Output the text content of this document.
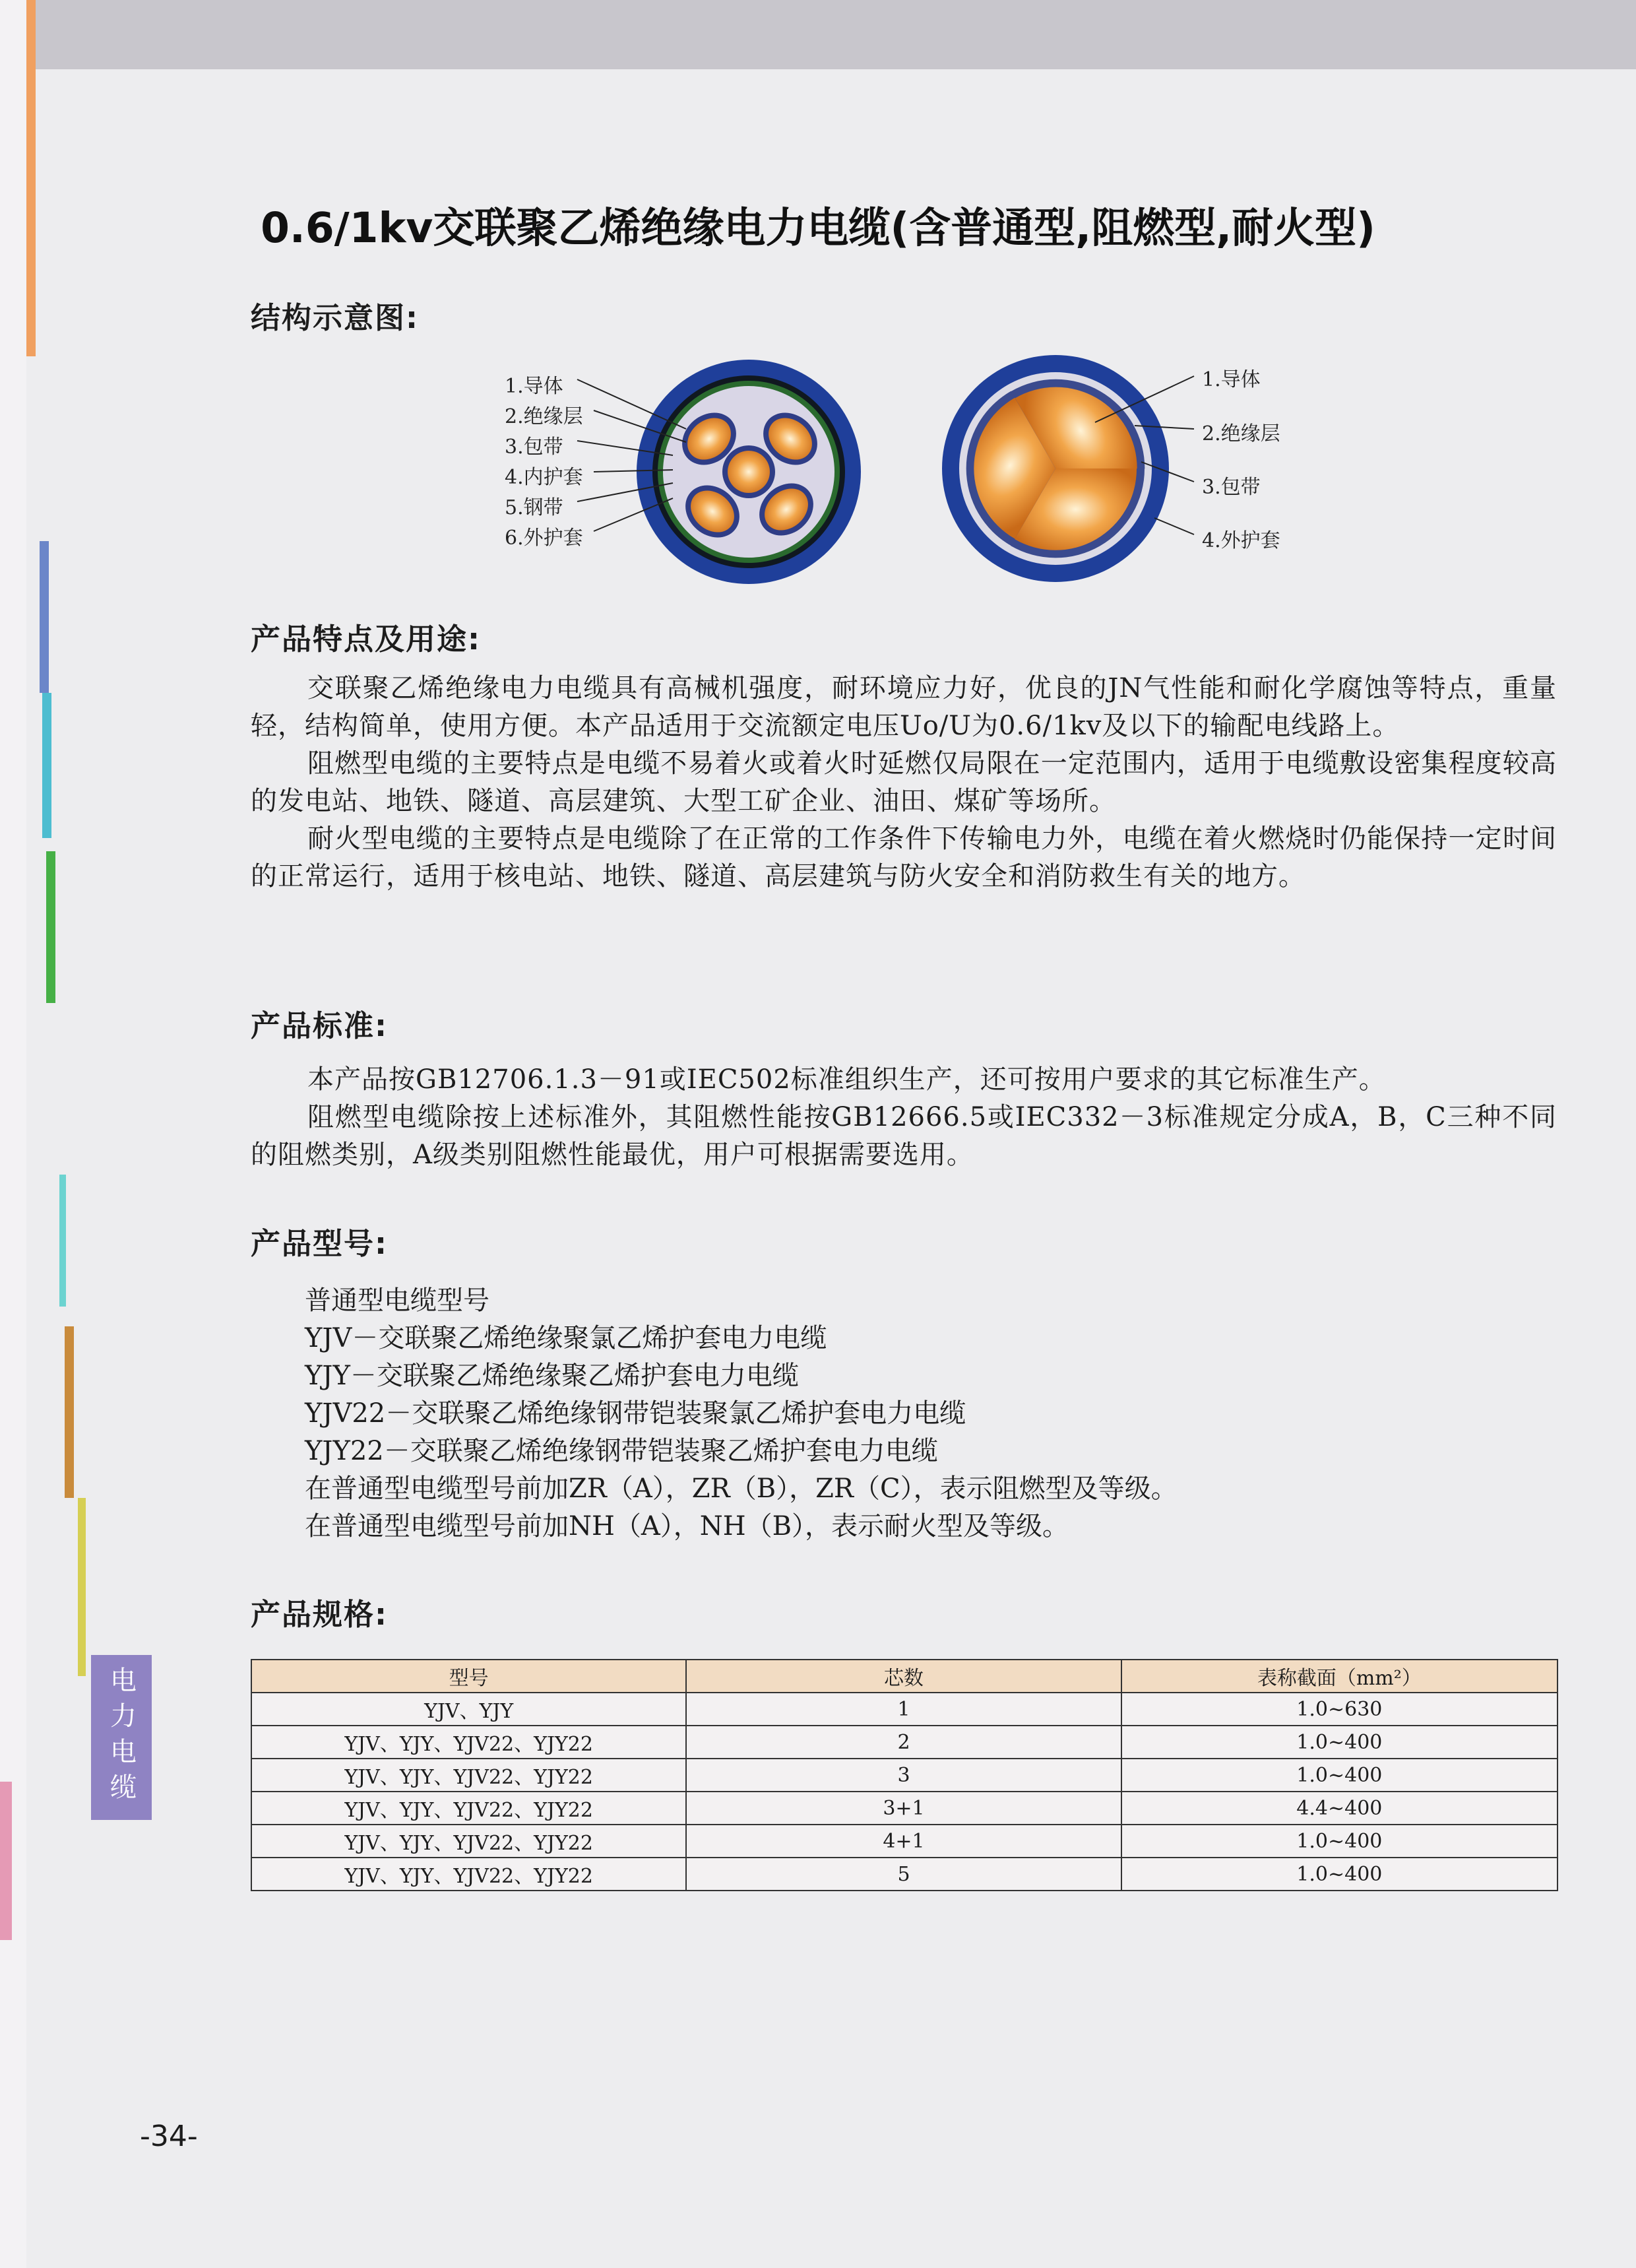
电力电缆
0.6/1kv交联聚乙烯绝缘电力电缆(含普通型,阻燃型,耐火型)
结构示意图:
1.导体
2.绝缘层
3.包带
4.内护套
5.钢带
6.外护套
1.导体
2.绝缘层
3.包带
4.外护套
产品特点及用途:

交联聚乙烯绝缘电力电缆具有高械机强度，耐环境应力好，优良的JN气性能和耐化学腐蚀等特点，重量轻，结构简单，使用方便。本产品适用于交流额定电压Uo/U为0.6/1kv及以下的输配电线路上。

阻燃型电缆的主要特点是电缆不易着火或着火时延燃仅局限在一定范围内，适用于电缆敷设密集程度较高的发电站、地铁、隧道、高层建筑、大型工矿企业、油田、煤矿等场所。

耐火型电缆的主要特点是电缆除了在正常的工作条件下传输电力外，电缆在着火燃烧时仍能保持一定时间的正常运行，适用于核电站、地铁、隧道、高层建筑与防火安全和消防救生有关的地方。

产品标准:

本产品按GB12706.1.3－91或IEC502标准组织生产，还可按用户要求的其它标准生产。

阻燃型电缆除按上述标准外，其阻燃性能按GB12666.5或IEC332－3标准规定分成A，B，C三种不同的阻燃类别，A级类别阻燃性能最优，用户可根据需要选用。

产品型号:
普通型电缆型号
YJV－交联聚乙烯绝缘聚氯乙烯护套电力电缆
YJY－交联聚乙烯绝缘聚乙烯护套电力电缆
YJV22－交联聚乙烯绝缘钢带铠装聚氯乙烯护套电力电缆
YJY22－交联聚乙烯绝缘钢带铠装聚乙烯护套电力电缆
在普通型电缆型号前加ZR（A），ZR（B），ZR（C），表示阻燃型及等级。
在普通型电缆型号前加NH（A），NH（B），表示耐火型及等级。
产品规格:
型号	芯数	表称截面（mm²）
YJV、YJY	1	1.0~630
YJV、YJY、YJV22、YJY22	2	1.0~400
YJV、YJY、YJV22、YJY22	3	1.0~400
YJV、YJY、YJV22、YJY22	3+1	4.4~400
YJV、YJY、YJV22、YJY22	4+1	1.0~400
YJV、YJY、YJV22、YJY22	5	1.0~400
-34-
